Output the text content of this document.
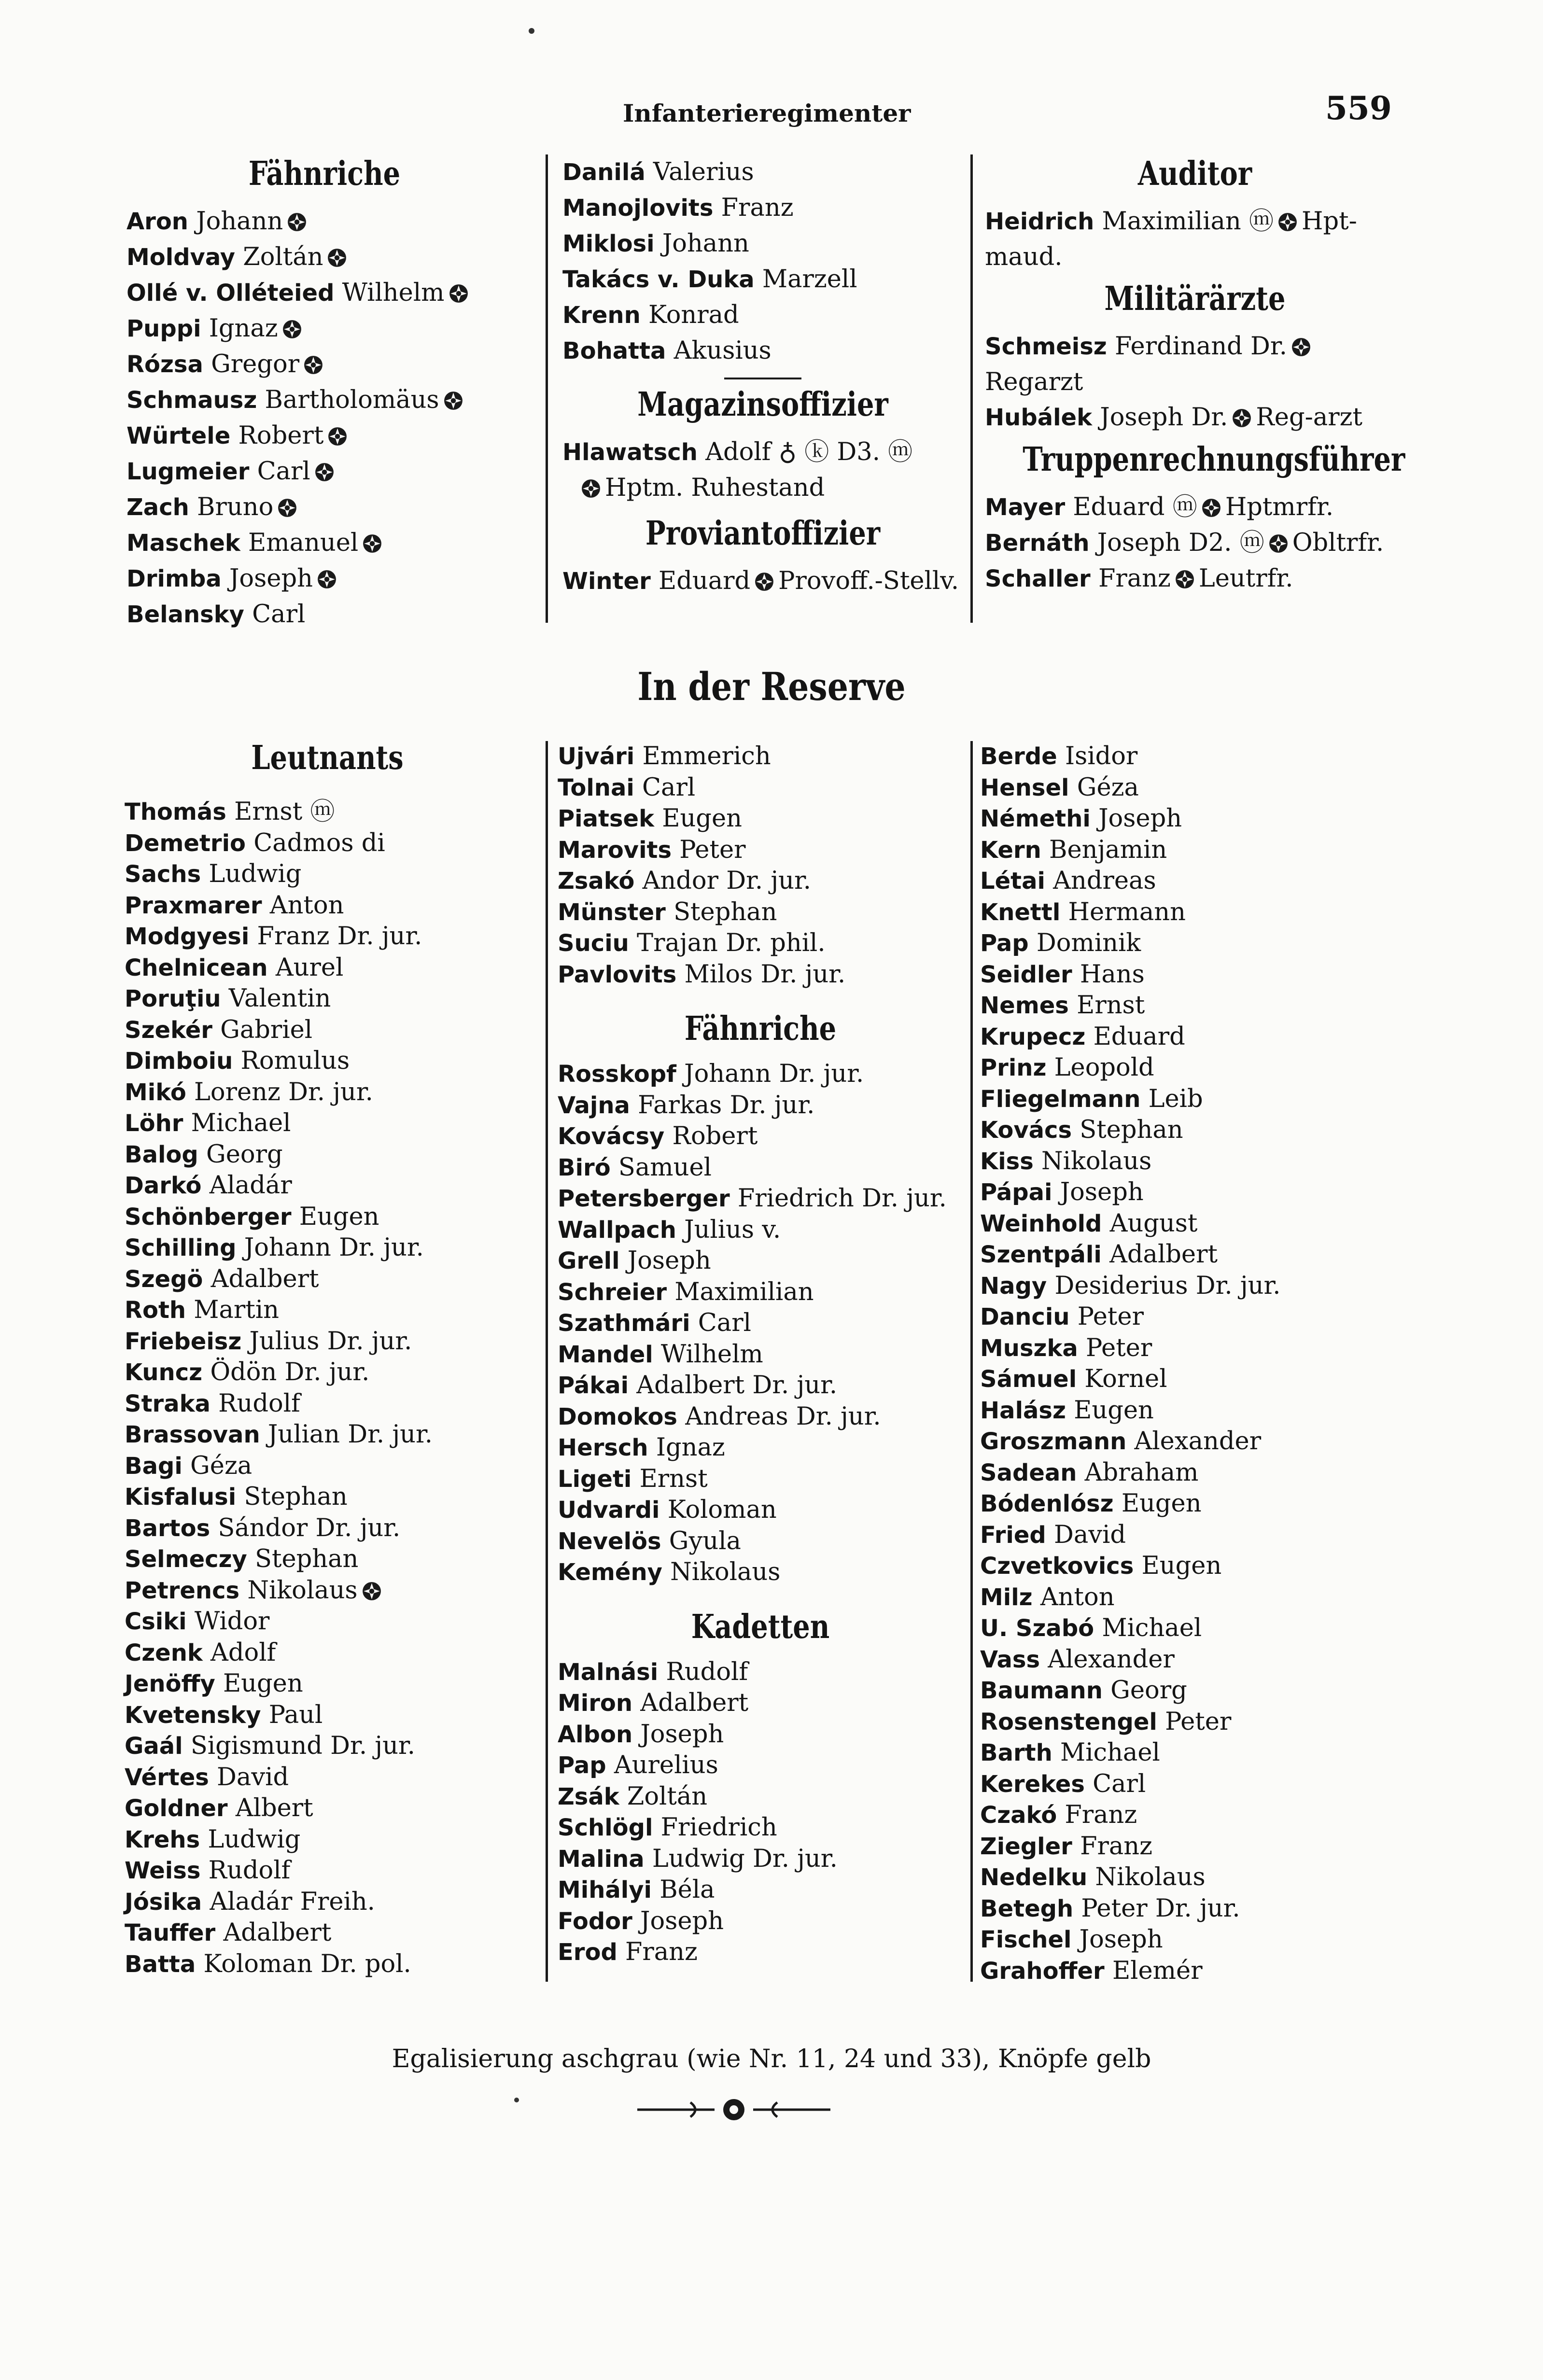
Infanterieregimenter	559
Fähnriche
Aron Johann
Moldvay Zoltán
Ollé v. Olléteied Wilhelm
Puppi Ignaz
Rózsa Gregor
Schmausz Bartholomäus
Würtele Robert
Lugmeier Carl
Zach Bruno
Maschek Emanuel
Drimba Joseph
Belansky Carl
Danilá Valerius
Manojlovits Franz
Miklosi Johann
Takács v. Duka Marzell
Krenn Konrad
Bohatta Akusius
Magazinsoffizier
Hlawatsch Adolf ♁ ⓚ D3. ⓜ
Hptm. Ruhestand
Proviantoffizier
Winter Eduard Provoff.-Stellv.
Auditor
Heidrich Maximilian ⓜ Hpt-maud.
Militärärzte
Schmeisz Ferdinand Dr.Regarzt
Hubálek Joseph Dr. Reg-arzt
Truppenrechnungsführer
Mayer Eduard ⓜ Hptmrfr.
Bernáth Joseph D2. ⓜ Obltrfr.
Schaller Franz Leutrfr.
In der Reserve
Leutnants
Thomás Ernst ⓜ
Demetrio Cadmos di
Sachs Ludwig
Praxmarer Anton
Modgyesi Franz Dr. jur.
Chelnicean Aurel
Poruţiu Valentin
Szekér Gabriel
Dimboiu Romulus
Mikó Lorenz Dr. jur.
Löhr Michael
Balog Georg
Darkó Aladár
Schönberger Eugen
Schilling Johann Dr. jur.
Szegö Adalbert
Roth Martin
Friebeisz Julius Dr. jur.
Kuncz Ödön Dr. jur.
Straka Rudolf
Brassovan Julian Dr. jur.
Bagi Géza
Kisfalusi Stephan
Bartos Sándor Dr. jur.
Selmeczy Stephan
Petrencs Nikolaus
Csiki Widor
Czenk Adolf
Jenöffy Eugen
Kvetensky Paul
Gaál Sigismund Dr. jur.
Vértes David
Goldner Albert
Krehs Ludwig
Weiss Rudolf
Jósika Aladár Freih.
Tauffer Adalbert
Batta Koloman Dr. pol.
Ujvári Emmerich
Tolnai Carl
Piatsek Eugen
Marovits Peter
Zsakó Andor Dr. jur.
Münster Stephan
Suciu Trajan Dr. phil.
Pavlovits Milos Dr. jur.
Fähnriche
Rosskopf Johann Dr. jur.
Vajna Farkas Dr. jur.
Kovácsy Robert
Biró Samuel
Petersberger Friedrich Dr. jur.
Wallpach Julius v.
Grell Joseph
Schreier Maximilian
Szathmári Carl
Mandel Wilhelm
Pákai Adalbert Dr. jur.
Domokos Andreas Dr. jur.
Hersch Ignaz
Ligeti Ernst
Udvardi Koloman
Nevelös Gyula
Kemény Nikolaus
Kadetten
Malnási Rudolf
Miron Adalbert
Albon Joseph
Pap Aurelius
Zsák Zoltán
Schlögl Friedrich
Malina Ludwig Dr. jur.
Mihályi Béla
Fodor Joseph
Erod Franz
Berde Isidor
Hensel Géza
Némethi Joseph
Kern Benjamin
Létai Andreas
Knettl Hermann
Pap Dominik
Seidler Hans
Nemes Ernst
Krupecz Eduard
Prinz Leopold
Fliegelmann Leib
Kovács Stephan
Kiss Nikolaus
Pápai Joseph
Weinhold August
Szentpáli Adalbert
Nagy Desiderius Dr. jur.
Danciu Peter
Muszka Peter
Sámuel Kornel
Halász Eugen
Groszmann Alexander
Sadean Abraham
Bódenlósz Eugen
Fried David
Czvetkovics Eugen
Milz Anton
U. Szabó Michael
Vass Alexander
Baumann Georg
Rosenstengel Peter
Barth Michael
Kerekes Carl
Czakó Franz
Ziegler Franz
Nedelku Nikolaus
Betegh Peter Dr. jur.
Fischel Joseph
Grahoffer Elemér
Egalisierung aschgrau (wie Nr. 11, 24 und 33), Knöpfe gelb
